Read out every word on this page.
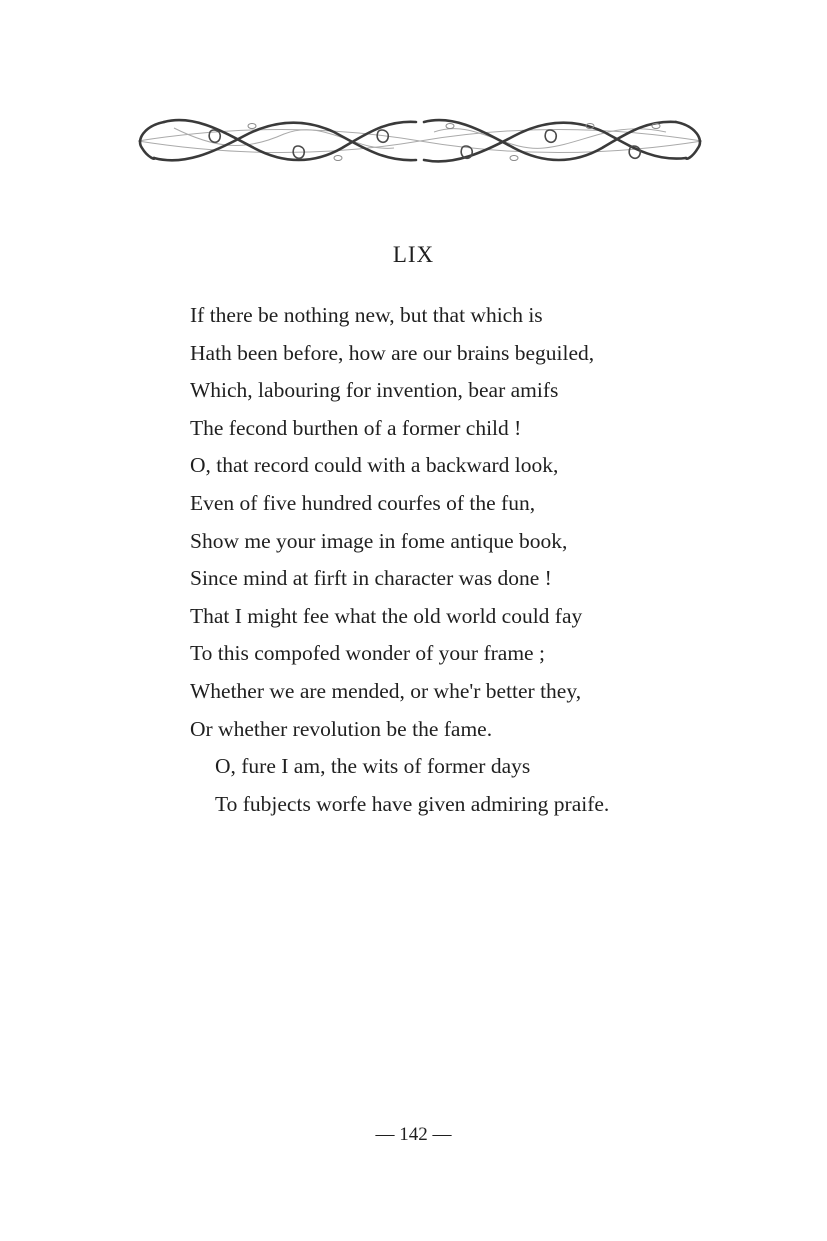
LIX
If there be nothing new, but that which is
Hath been before, how are our brains beguiled,
Which, labouring for invention, bear amifs
The fecond burthen of a former child !
O, that record could with a backward look,
Even of five hundred courfes of the fun,
Show me your image in fome antique book,
Since mind at firft in character was done !
That I might fee what the old world could fay
To this compofed wonder of your frame ;
Whether we are mended, or whe'r better they,
Or whether revolution be the fame.
O, fure I am, the wits of former days
To fubjects worfe have given admiring praife.
— 142 —
